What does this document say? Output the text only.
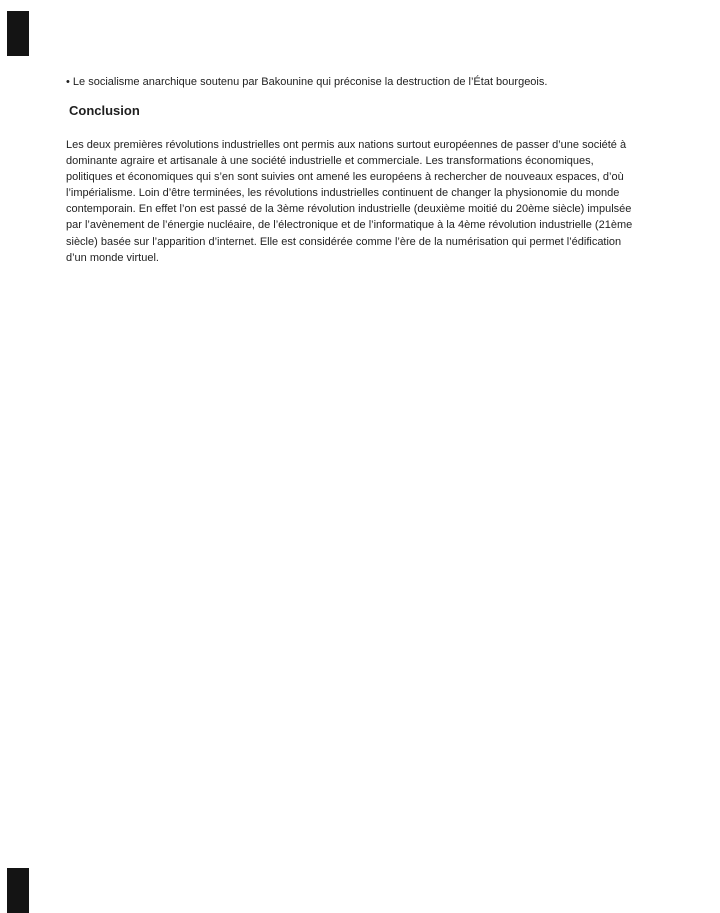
• Le socialisme anarchique soutenu par Bakounine qui préconise la destruction de l’État bourgeois.
Conclusion
Les deux premières révolutions industrielles ont permis aux nations surtout européennes de passer d’une société à
dominante agraire et artisanale à une société industrielle et commerciale. Les transformations économiques,
politiques et économiques qui s’en sont suivies ont amené les européens à rechercher de nouveaux espaces, d’où
l’impérialisme. Loin d’être terminées, les révolutions industrielles continuent de changer la physionomie du monde
contemporain. En effet l’on est passé de la 3ème révolution industrielle (deuxième moitié du 20ème siècle) impulsée
par l’avènement de l’énergie nucléaire, de l’électronique et de l’informatique à la 4ème révolution industrielle (21ème
siècle) basée sur l’apparition d’internet. Elle est considérée comme l’ère de la numérisation qui permet l’édification
d’un monde virtuel.
